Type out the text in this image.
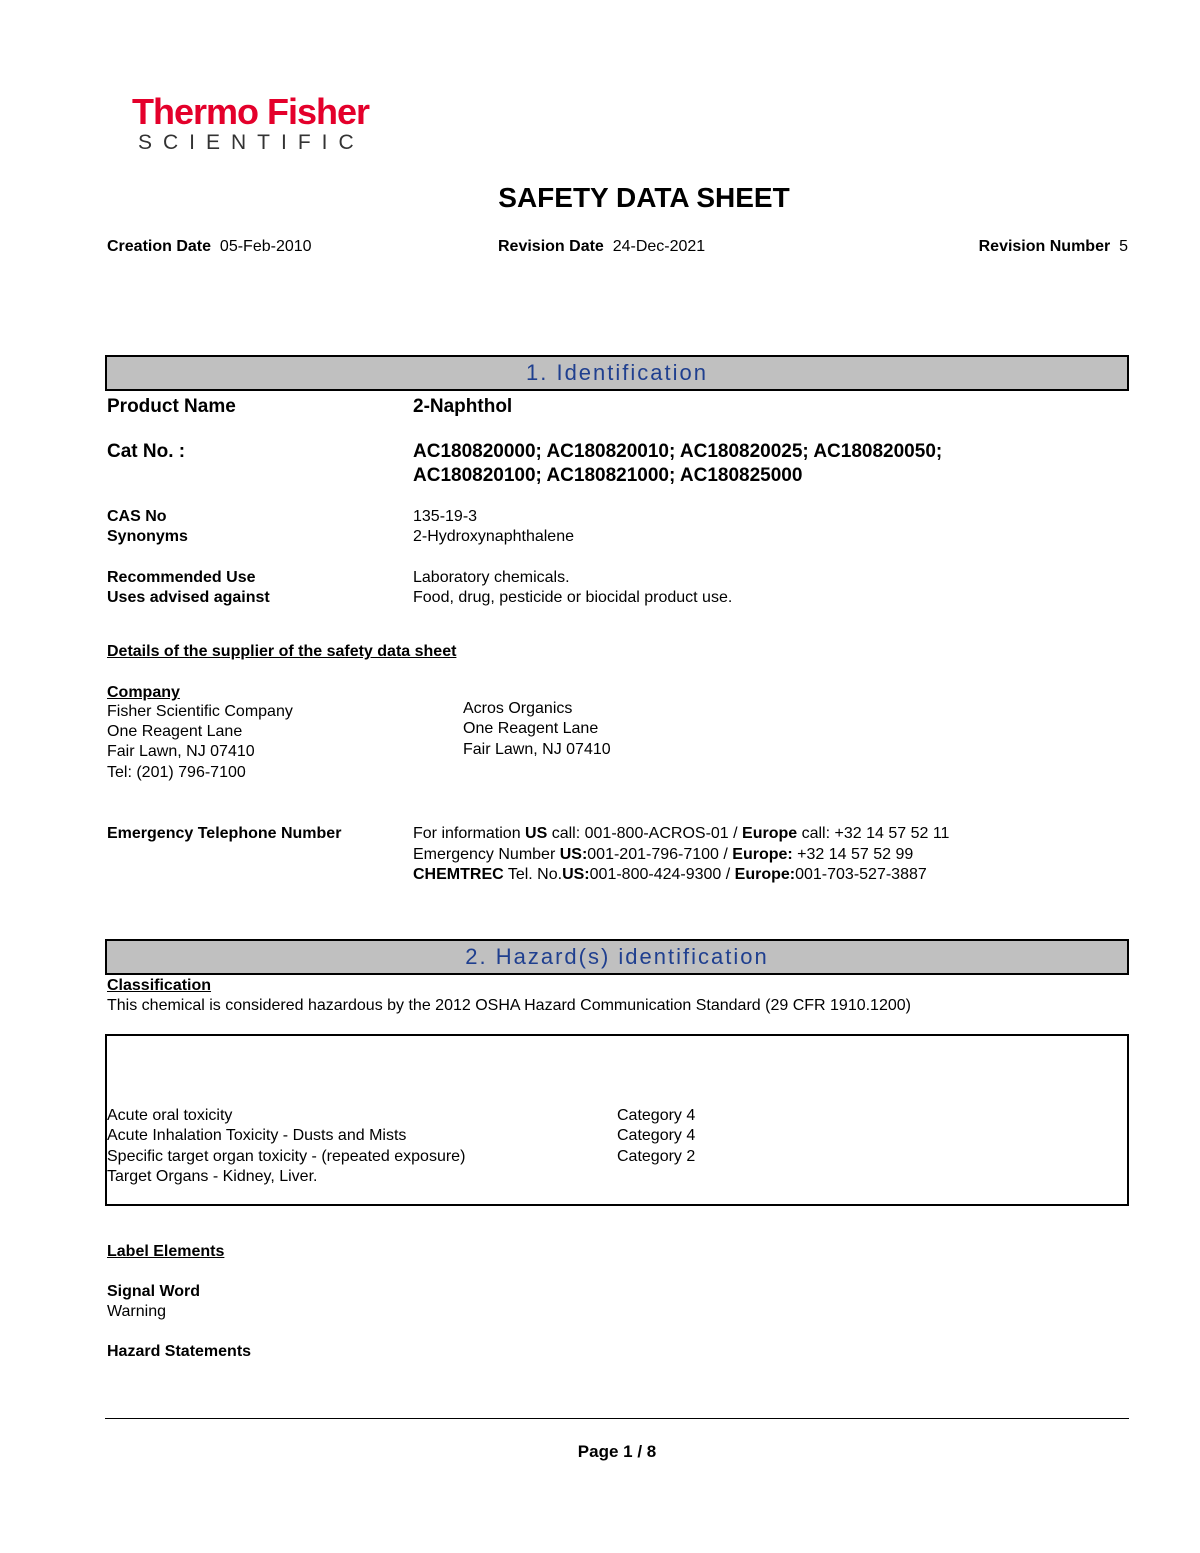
Thermo Fisher
SCIENTIFIC
SAFETY DATA SHEET
Creation Date 05-Feb-2010	Revision Date 24-Dec-2021	Revision Number 5
1. Identification
Product Name	2-Naphthol
Cat No. :	AC180820000; AC180820010; AC180820025; AC180820050;
AC180820100; AC180821000; AC180825000
CAS No	135-19-3
Synonyms	2-Hydroxynaphthalene
Recommended Use	Laboratory chemicals.
Uses advised against	Food, drug, pesticide or biocidal product use.
Details of the supplier of the safety data sheet
Company
Fisher Scientific Company
One Reagent Lane
Fair Lawn, NJ 07410
Tel: (201) 796-7100
Acros Organics
One Reagent Lane
Fair Lawn, NJ 07410
Emergency Telephone Number	For information US call: 001-800-ACROS-01 / Europe call: +32 14 57 52 11
Emergency Number US:001-201-796-7100 / Europe: +32 14 57 52 99
CHEMTREC Tel. No.US:001-800-424-9300 / Europe:001-703-527-3887
2. Hazard(s) identification
Classification
This chemical is considered hazardous by the 2012 OSHA Hazard Communication Standard (29 CFR 1910.1200)
Acute oral toxicity	Category 4
Acute Inhalation Toxicity - Dusts and Mists	Category 4
Specific target organ toxicity - (repeated exposure)	Category 2
Target Organs - Kidney, Liver.
Label Elements
Signal Word
Warning
Hazard Statements
Page 1 / 8
